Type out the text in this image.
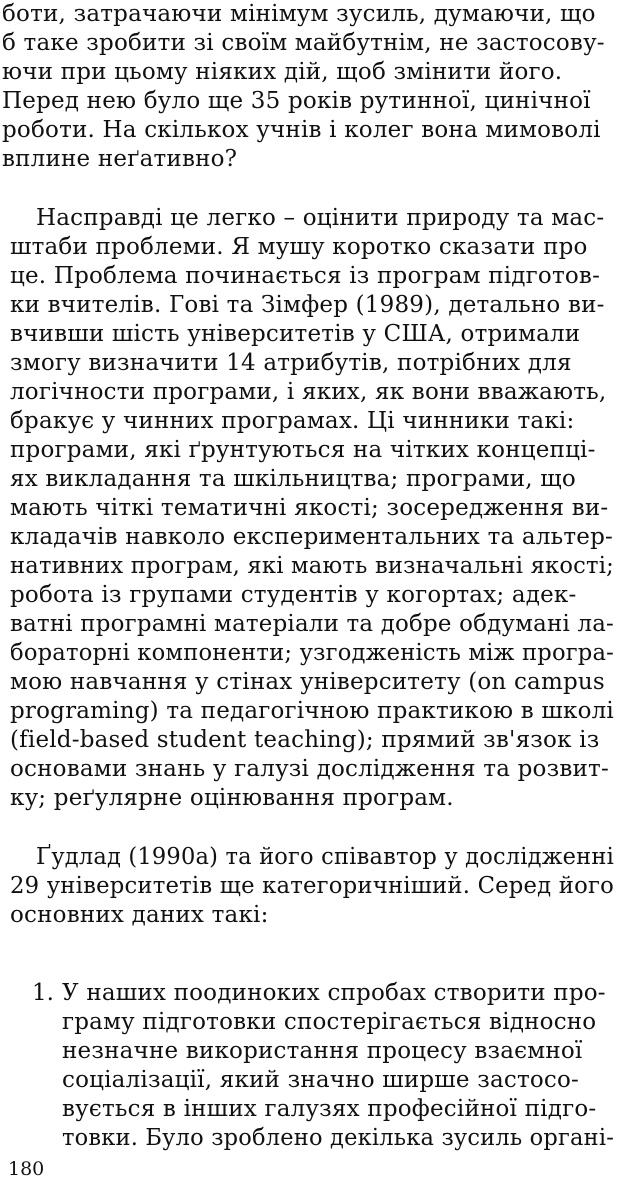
боти, затрачаючи мінімум зусиль, думаючи, що
б таке зробити зі своїм майбутнім, не застосову-
ючи при цьому ніяких дій, щоб змінити його.
Перед нею було ще 35 років рутинної, цинічної
роботи. На скількох учнів і колег вона мимоволі
вплине неґативно?
Насправді це легко – оцінити природу та мас-
штаби проблеми. Я мушу коротко сказати про
це. Проблема починається із програм підготов-
ки вчителів. Гові та Зімфер (1989), детально ви-
вчивши шість університетів у США, отримали
змогу визначити 14 атрибутів, потрібних для
логічности програми, і яких, як вони вважають,
бракує у чинних програмах. Ці чинники такі:
програми, які ґрунтуються на чітких концепці-
ях викладання та шкільництва; програми, що
мають чіткі тематичні якості; зосередження ви-
кладачів навколо експериментальних та альтер-
нативних програм, які мають визначальні якості;
робота із групами студентів у когортах; адек-
ватні програмні матеріали та добре обдумані ла-
бораторні компоненти; узгодженість між програ-
мою навчання у стінах університету (on campus
programing) та педагогічною практикою в школі
(field-based student teaching); прямий зв'язок із
основами знань у галузі дослідження та розвит-
ку; реґулярне оцінювання програм.
Ґудлад (1990а) та його співавтор у дослідженні
29 університетів ще категоричніший. Серед його
основних даних такі:
1. У наших поодиноких спробах створити про-
граму підготовки спостерігається відносно
незначне використання процесу взаємної
соціалізації, який значно ширше застосо-
вується в інших галузях професійної підго-
товки. Було зроблено декілька зусиль органі-
180
